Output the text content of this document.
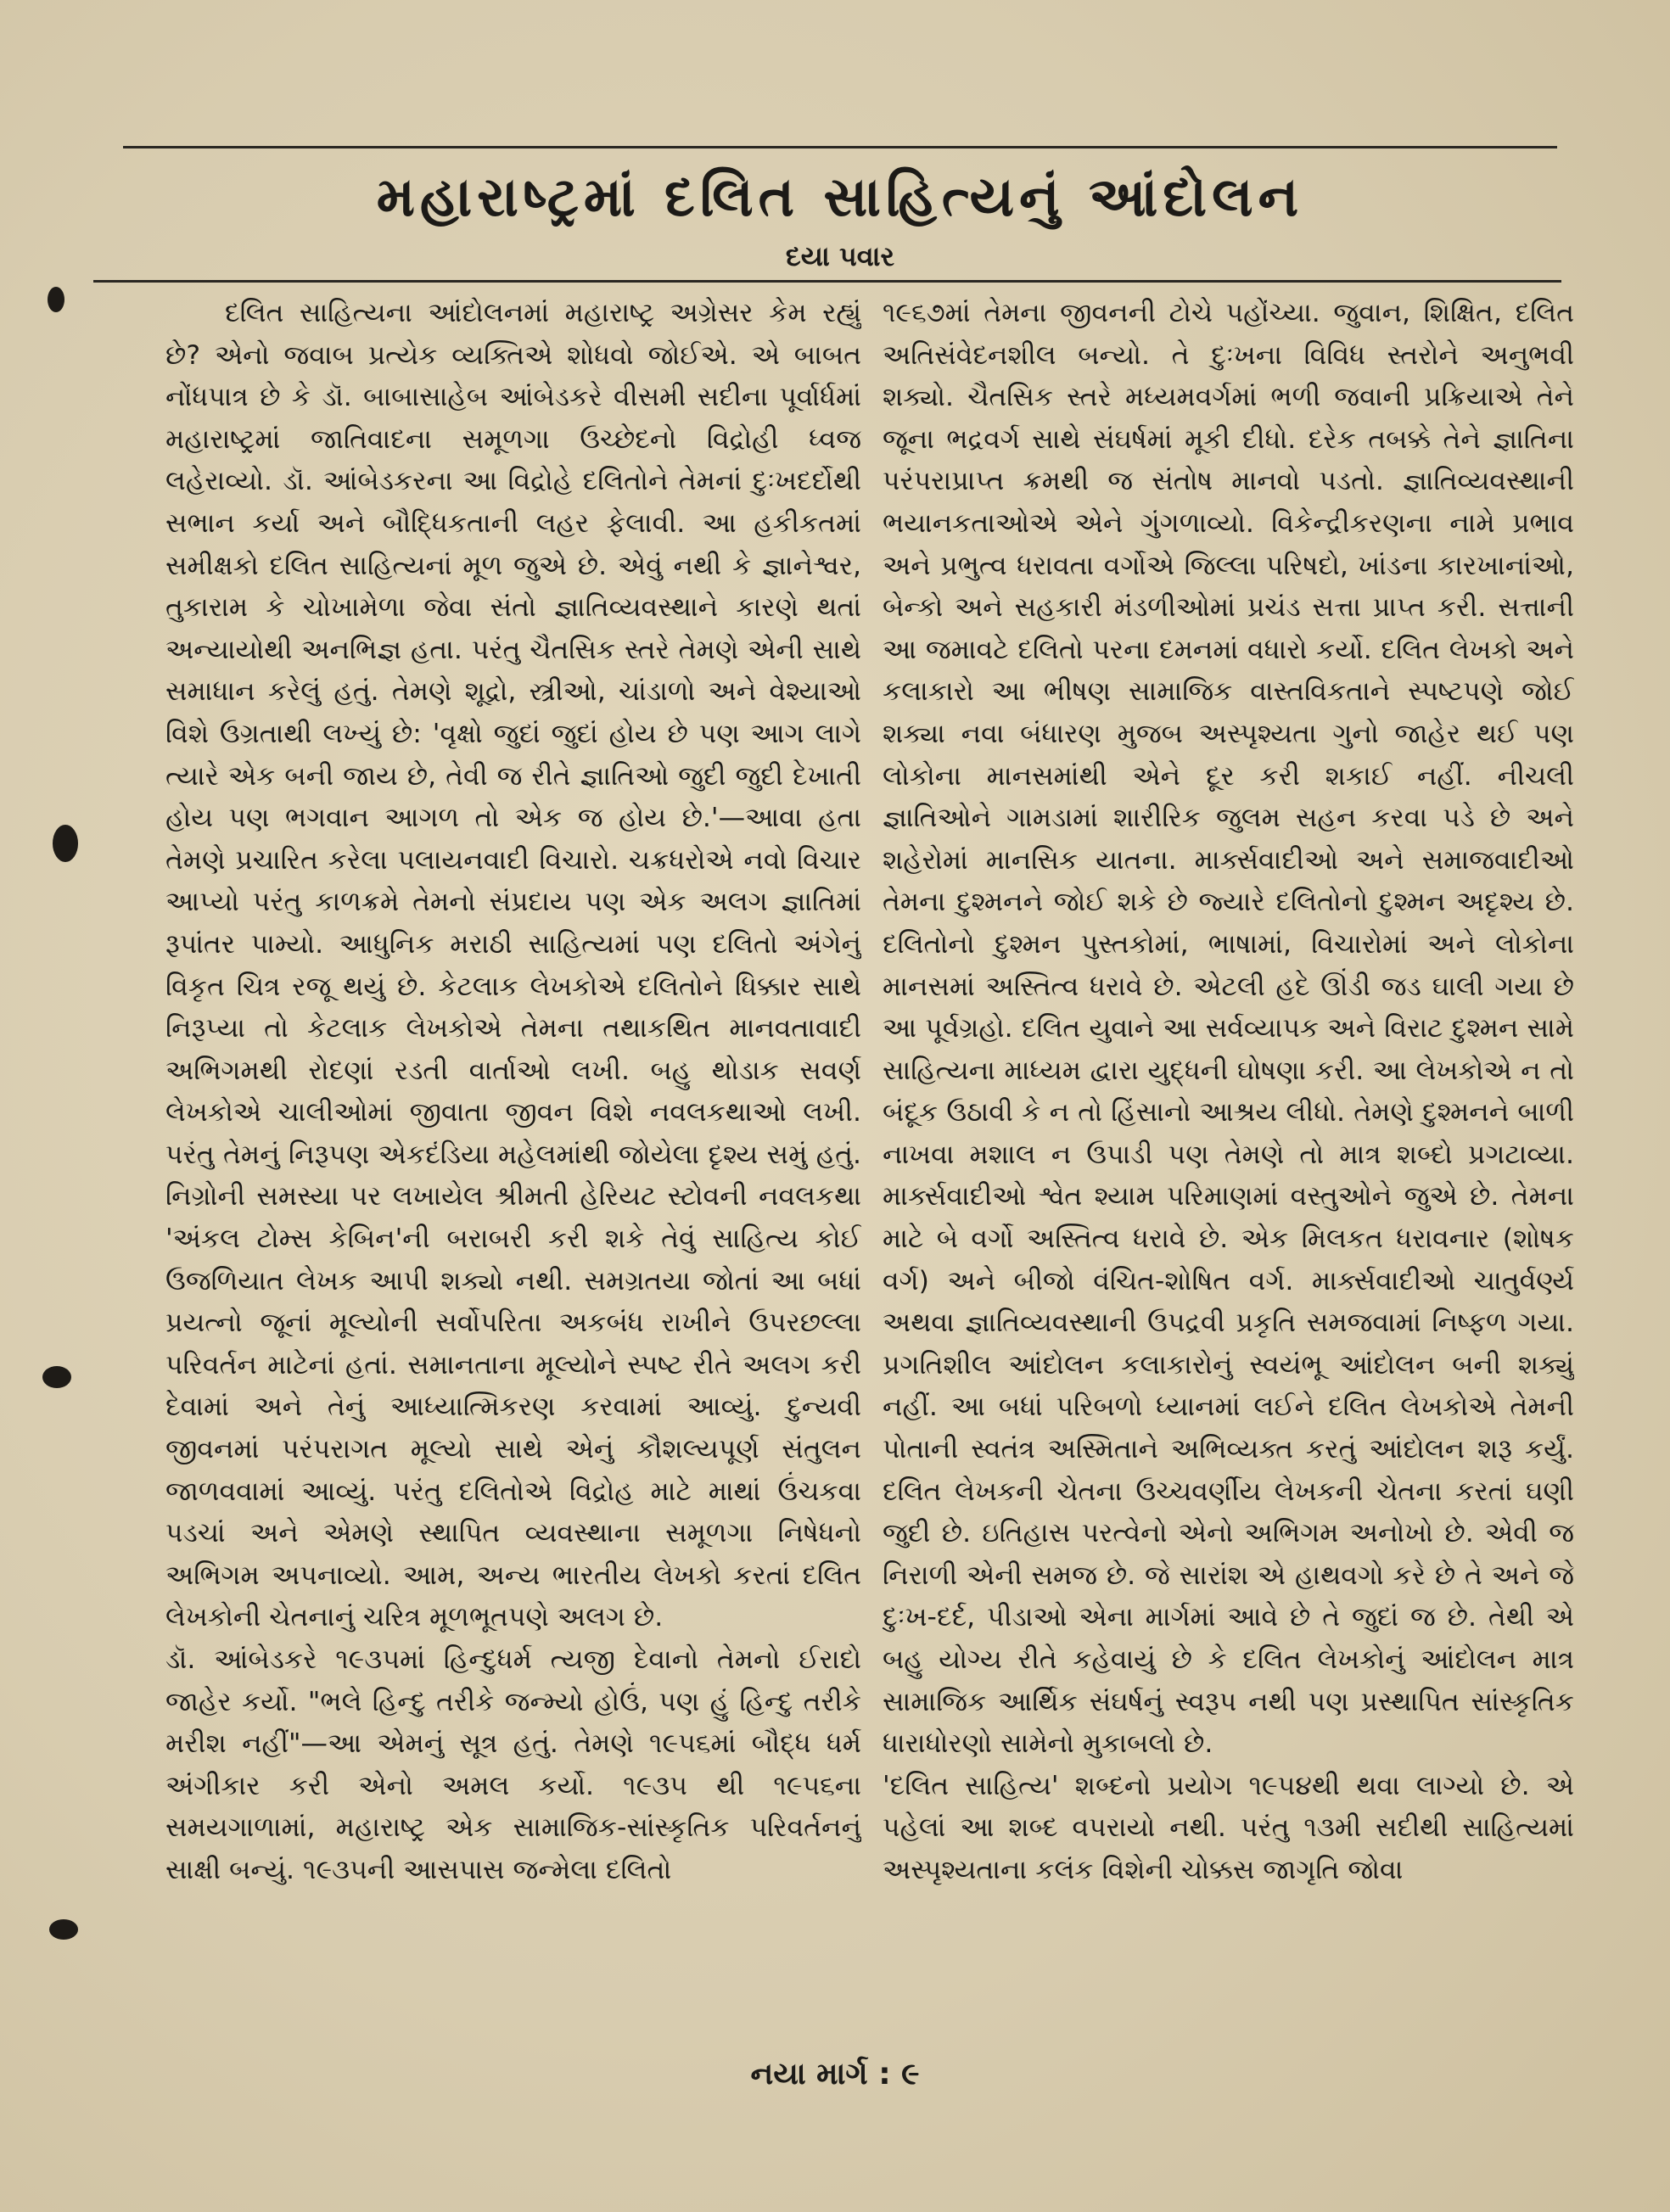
મહારાષ્ટ્રમાં દલિત સાહિત્યનું આંદોલન
દયા પવાર

દલિત સાહિત્યના આંદોલનમાં મહારાષ્ટ્ર અગ્રેસર કેમ રહ્યું છે? એનો જવાબ પ્રત્યેક વ્યક્તિએ શોધવો જોઈએ. એ બાબત નોંધપાત્ર છે કે ડૉ. બાબાસાહેબ આંબેડકરે વીસમી સદીના પૂર્વાર્ધમાં મહારાષ્ટ્રમાં જાતિવાદના સમૂળગા ઉચ્છેદનો વિદ્રોહી ધ્વજ લહેરાવ્યો. ડૉ. આંબેડકરના આ વિદ્રોહે દલિતોને તેમનાં દુઃખદર્દોથી સભાન કર્યા અને બૌદ્ધિકતાની લહર ફેલાવી. આ હકીકતમાં સમીક્ષકો દલિત સાહિત્યનાં મૂળ જુએ છે. એવું નથી કે જ્ઞાનેશ્વર, તુકારામ કે ચોખામેળા જેવા સંતો જ્ઞાતિવ્યવસ્થાને કારણે થતાં અન્યાયોથી અનભિજ્ઞ હતા. પરંતુ ચૈતસિક સ્તરે તેમણે એની સાથે સમાધાન કરેલું હતું. તેમણે શૂદ્રો, સ્ત્રીઓ, ચાંડાળો અને વેશ્યાઓ વિશે ઉગ્રતાથી લખ્યું છે: 'વૃક્ષો જુદાં જુદાં હોય છે પણ આગ લાગે ત્યારે એક બની જાય છે, તેવી જ રીતે જ્ઞાતિઓ જુદી જુદી દેખાતી હોય પણ ભગવાન આગળ તો એક જ હોય છે.'—આવા હતા તેમણે પ્રચારિત કરેલા પલાયનવાદી વિચારો. ચક્રધરોએ નવો વિચાર આપ્યો પરંતુ કાળક્રમે તેમનો સંપ્રદાય પણ એક અલગ જ્ઞાતિમાં રૂપાંતર પામ્યો. આધુનિક મરાઠી સાહિત્યમાં પણ દલિતો અંગેનું વિકૃત ચિત્ર રજૂ થયું છે. કેટલાક લેખકોએ દલિતોને ધિક્કાર સાથે નિરૂપ્યા તો કેટલાક લેખકોએ તેમના તથાકથિત માનવતાવાદી અભિગમથી રોદણાં રડતી વાર્તાઓ લખી. બહુ થોડાક સવર્ણ લેખકોએ ચાલીઓમાં જીવાતા જીવન વિશે નવલકથાઓ લખી. પરંતુ તેમનું નિરૂપણ એકદંડિયા મહેલમાંથી જોયેલા દૃશ્ય સમું હતું. નિગ્રોની સમસ્યા પર લખાયેલ શ્રીમતી હેરિયટ સ્ટોવની નવલકથા 'અંકલ ટોમ્સ કેબિન'ની બરાબરી કરી શકે તેવું સાહિત્ય કોઈ ઉજળિયાત લેખક આપી શક્યો નથી. સમગ્રતયા જોતાં આ બધાં પ્રયત્નો જૂનાં મૂલ્યોની સર્વોપરિતા અકબંધ રાખીને ઉપરછલ્લા પરિવર્તન માટેનાં હતાં. સમાનતાના મૂલ્યોને સ્પષ્ટ રીતે અલગ કરી દેવામાં અને તેનું આધ્યાત્મિકરણ કરવામાં આવ્યું. દુન્યવી જીવનમાં પરંપરાગત મૂલ્યો સાથે એનું કૌશલ્યપૂર્ણ સંતુલન જાળવવામાં આવ્યું. પરંતુ દલિતોએ વિદ્રોહ માટે માથાં ઉંચકવા પડચાં અને એમણે સ્થાપિત વ્યવસ્થાના સમૂળગા નિષેધનો અભિગમ અપનાવ્યો. આમ, અન્ય ભારતીય લેખકો કરતાં દલિત લેખકોની ચેતનાનું ચરિત્ર મૂળભૂતપણે અલગ છે.

ડૉ. આંબેડકરે ૧૯૩૫માં હિન્દુધર્મ ત્યજી દેવાનો તેમનો ઈરાદો જાહેર કર્યો. "ભલે હિન્દુ તરીકે જન્મ્યો હોઉં, પણ હું હિન્દુ તરીકે મરીશ નહીં"—આ એમનું સૂત્ર હતું. તેમણે ૧૯૫૬માં બૌદ્ધ ધર્મ અંગીકાર કરી એનો અમલ કર્યો. ૧૯૩૫ થી ૧૯૫૬ના સમયગાળામાં, મહારાષ્ટ્ર એક સામાજિક-સાંસ્કૃતિક પરિવર્તનનું સાક્ષી બન્યું. ૧૯૩૫ની આસપાસ જન્મેલા દલિતો

૧૯૬૭માં તેમના જીવનની ટોચે પહોંચ્યા. જુવાન, શિક્ષિત, દલિત અતિસંવેદનશીલ બન્યો. તે દુઃખના વિવિધ સ્તરોને અનુભવી શક્યો. ચૈતસિક સ્તરે મધ્યમવર્ગમાં ભળી જવાની પ્રક્રિયાએ તેને જૂના ભદ્રવર્ગ સાથે સંઘર્ષમાં મૂકી દીધો. દરેક તબક્કે તેને જ્ઞાતિના પરંપરાપ્રાપ્ત ક્રમથી જ સંતોષ માનવો પડતો. જ્ઞાતિવ્યવસ્થાની ભયાનકતાઓએ એને ગુંગળાવ્યો. વિકેન્દ્રીકરણના નામે પ્રભાવ અને પ્રભુત્વ ધરાવતા વર્ગોએ જિલ્લા પરિષદો, ખાંડના કારખાનાંઓ, બેન્કો અને સહકારી મંડળીઓમાં પ્રચંડ સત્તા પ્રાપ્ત કરી. સત્તાની આ જમાવટે દલિતો પરના દમનમાં વધારો કર્યો. દલિત લેખકો અને કલાકારો આ ભીષણ સામાજિક વાસ્તવિકતાને સ્પષ્ટપણે જોઈ શક્યા નવા બંધારણ મુજબ અસ્પૃશ્યતા ગુનો જાહેર થઈ પણ લોકોના માનસમાંથી એને દૂર કરી શકાઈ નહીં. નીચલી જ્ઞાતિઓને ગામડામાં શારીરિક જુલમ સહન કરવા પડે છે અને શહેરોમાં માનસિક યાતના. માર્ક્સવાદીઓ અને સમાજવાદીઓ તેમના દુશ્મનને જોઈ શકે છે જ્યારે દલિતોનો દુશ્મન અદૃશ્ય છે. દલિતોનો દુશ્મન પુસ્તકોમાં, ભાષામાં, વિચારોમાં અને લોકોના માનસમાં અસ્તિત્વ ધરાવે છે. એટલી હદે ઊંડી જડ ઘાલી ગયા છે આ પૂર્વગ્રહો. દલિત યુવાને આ સર્વવ્યાપક અને વિરાટ દુશ્મન સામે સાહિત્યના માધ્યમ દ્વારા યુદ્ધની ઘોષણા કરી. આ લેખકોએ ન તો બંદૂક ઉઠાવી કે ન તો હિંસાનો આશ્રય લીધો. તેમણે દુશ્મનને બાળી નાખવા મશાલ ન ઉપાડી પણ તેમણે તો માત્ર શબ્દો પ્રગટાવ્યા. માર્ક્સવાદીઓ શ્વેત શ્યામ પરિમાણમાં વસ્તુઓને જુએ છે. તેમના માટે બે વર્ગો અસ્તિત્વ ધરાવે છે. એક મિલકત ધરાવનાર (શોષક વર્ગ) અને બીજો વંચિત-શોષિત વર્ગ. માર્ક્સવાદીઓ ચાતુર્વર્ણ્ય અથવા જ્ઞાતિવ્યવસ્થાની ઉપદ્રવી પ્રકૃતિ સમજવામાં નિષ્ફળ ગયા. પ્રગતિશીલ આંદોલન કલાકારોનું સ્વયંભૂ આંદોલન બની શક્યું નહીં. આ બધાં પરિબળો ધ્યાનમાં લઈને દલિત લેખકોએ તેમની પોતાની સ્વતંત્ર અસ્મિતાને અભિવ્યક્ત કરતું આંદોલન શરૂ કર્યું. દલિત લેખકની ચેતના ઉચ્ચવર્ણીય લેખકની ચેતના કરતાં ઘણી જુદી છે. ઇતિહાસ પરત્વેનો એનો અભિગમ અનોખો છે. એવી જ નિરાળી એની સમજ છે. જે સારાંશ એ હાથવગો કરે છે તે અને જે દુઃખ-દર્દ, પીડાઓ એના માર્ગમાં આવે છે તે જુદાં જ છે. તેથી એ બહુ યોગ્ય રીતે કહેવાયું છે કે દલિત લેખકોનું આંદોલન માત્ર સામાજિક આર્થિક સંઘર્ષનું સ્વરૂપ નથી પણ પ્રસ્થાપિત સાંસ્કૃતિક ધારાધોરણો સામેનો મુકાબલો છે.

'દલિત સાહિત્ય' શબ્દનો પ્રયોગ ૧૯૫૪થી થવા લાગ્યો છે. એ પહેલાં આ શબ્દ વપરાયો નથી. પરંતુ ૧૩મી સદીથી સાહિત્યમાં અસ્પૃશ્યતાના કલંક વિશેની ચોક્કસ જાગૃતિ જોવા

નયા માર્ગ : ૯
